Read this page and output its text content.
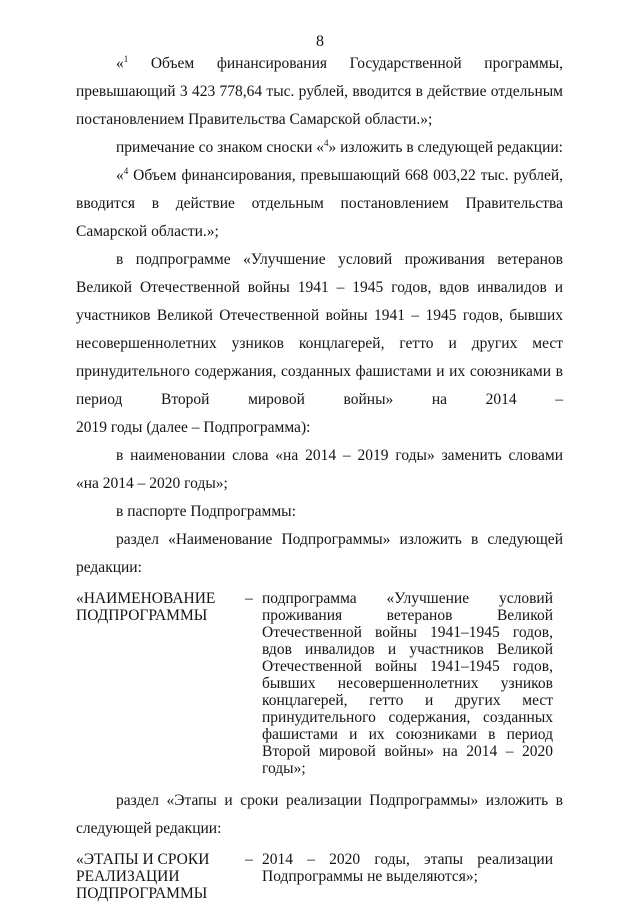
8

«$^1$ Объем финансирования Государственной программы, превышающий 3 423 778,64 тыс. рублей, вводится в действие отдельным постановлением Правительства Самарской области.»;

примечание со знаком сноски «$^4$» изложить в следующей редакции:

«$^4$ Объем финансирования, превышающий 668 003,22 тыс. рублей, вводится в действие отдельным постановлением Правительства Самарской области.»;

в подпрограмме «Улучшение условий проживания ветеранов Великой Отечественной войны 1941 – 1945 годов, вдов инвалидов и участников Великой Отечественной войны 1941 – 1945 годов, бывших несовершеннолетних узников концлагерей, гетто и других мест принудительного содержания, созданных фашистами и их союзниками в период Второй мировой войны» на 2014 –

2019 годы (далее – Подпрограмма):

в наименовании слова «на 2014 – 2019 годы» заменить словами «на 2014 – 2020 годы»;

в паспорте Подпрограммы:

раздел «Наименование Подпрограммы» изложить в следующей редакции:

«НАИМЕНОВАНИЕ ПОДПРОГРАММЫ
– подпрограмма «Улучшение условий проживания ветеранов Великой Отечественной войны 1941–1945 годов, вдов инвалидов и участников Великой Отечественной войны 1941–1945 годов, бывших несовершеннолетних узников концлагерей, гетто и других мест принудительного содержания, созданных фашистами и их союзниками в период Второй мировой войны» на 2014 – 2020 годы»;

раздел «Этапы и сроки реализации Подпрограммы» изложить в следующей редакции:

«ЭТАПЫ И СРОКИ РЕАЛИЗАЦИИ ПОДПРОГРАММЫ
– 2014 – 2020 годы, этапы реализации Подпрограммы не выделяются»;
